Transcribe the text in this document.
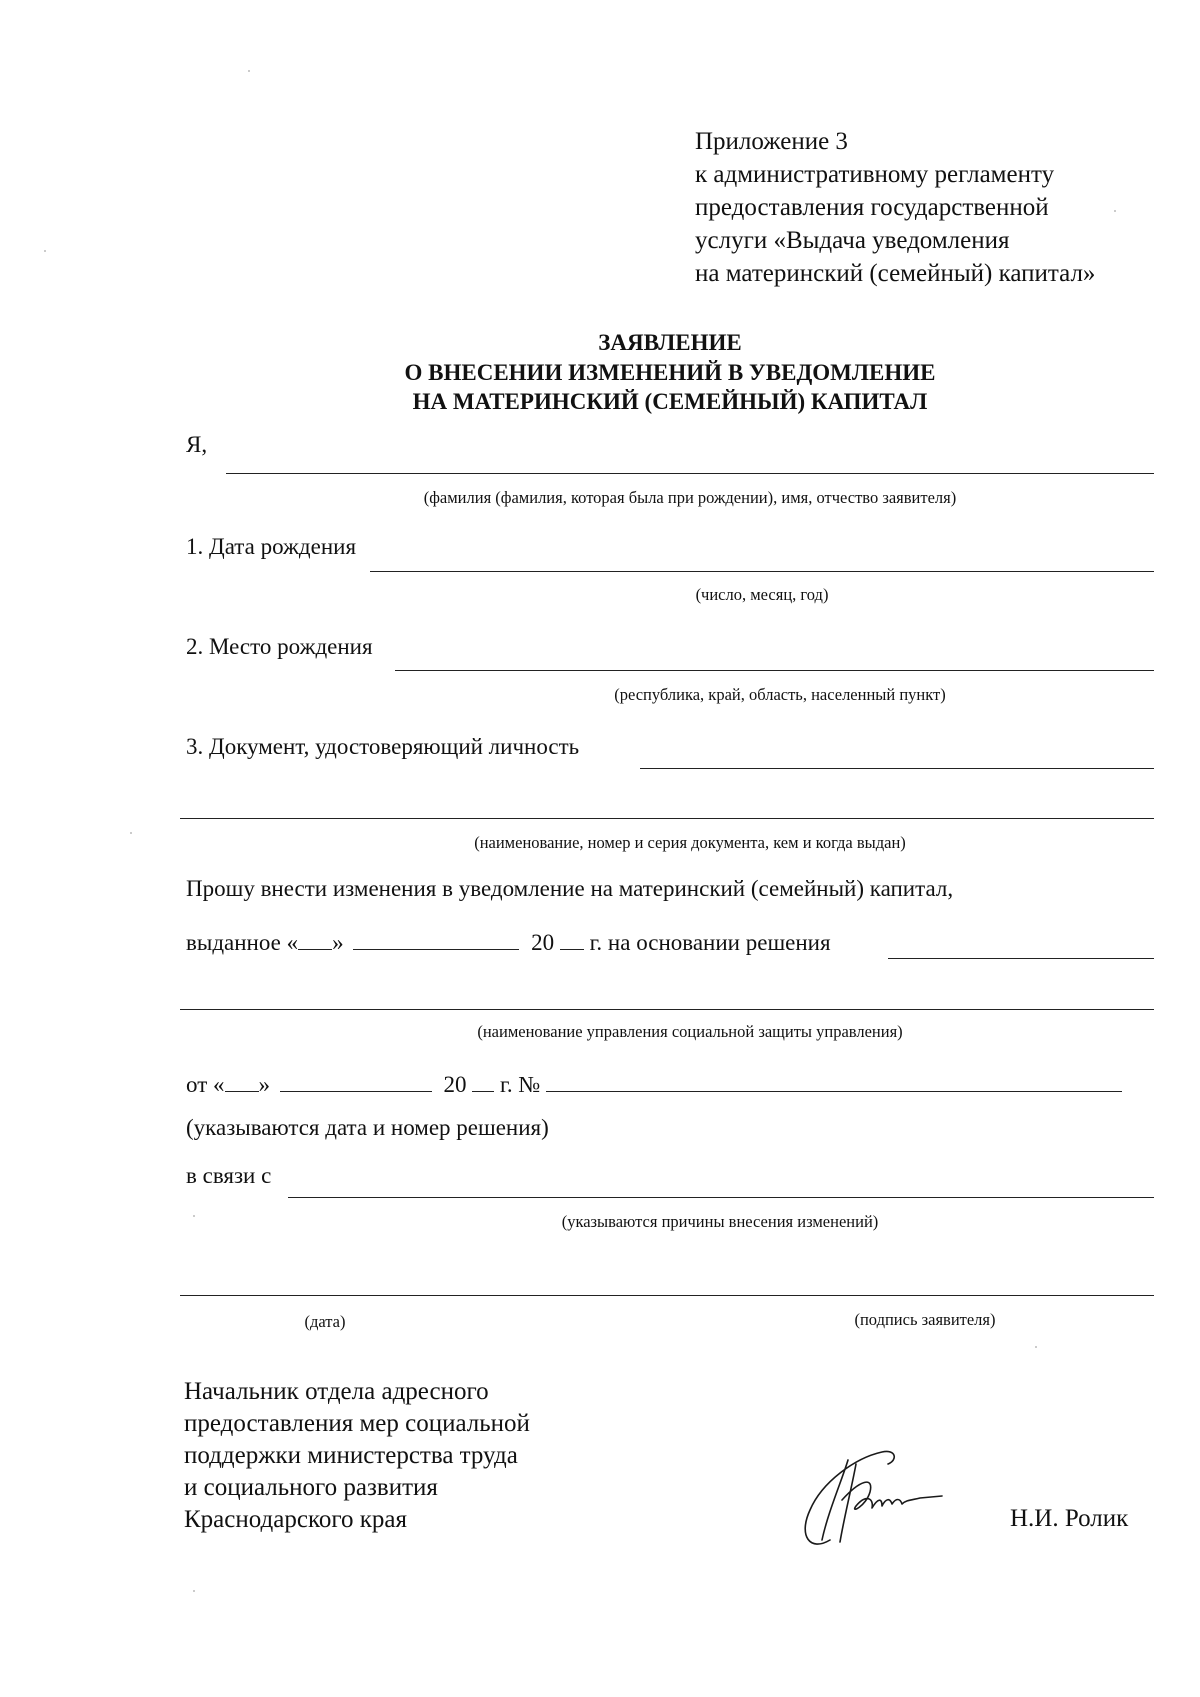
Приложение 3
к административному регламенту
предоставления государственной
услуги «Выдача уведомления
на материнский (семейный) капитал»
ЗАЯВЛЕНИЕ
О ВНЕСЕНИИ ИЗМЕНЕНИЙ В УВЕДОМЛЕНИЕ
НА МАТЕРИНСКИЙ (СЕМЕЙНЫЙ) КАПИТАЛ
Я,
(фамилия (фамилия, которая была при рождении), имя, отчество заявителя)
1. Дата рождения
(число, месяц, год)
2. Место рождения
(республика, край, область, населенный пункт)
3. Документ, удостоверяющий личность
(наименование, номер и серия документа, кем и когда выдан)
Прошу внести изменения в уведомление на материнский (семейный) капитал,
выданное « »	20 г. на основании решения
(наименование управления социальной защиты управления)
от « »	20 г. №
(указываются дата и номер решения)
в связи с
(указываются причины внесения изменений)
(дата)	(подпись заявителя)
Начальник отдела адресного
предоставления мер социальной
поддержки министерства труда
и социального развития
Краснодарского края	Н.И. Ролик
